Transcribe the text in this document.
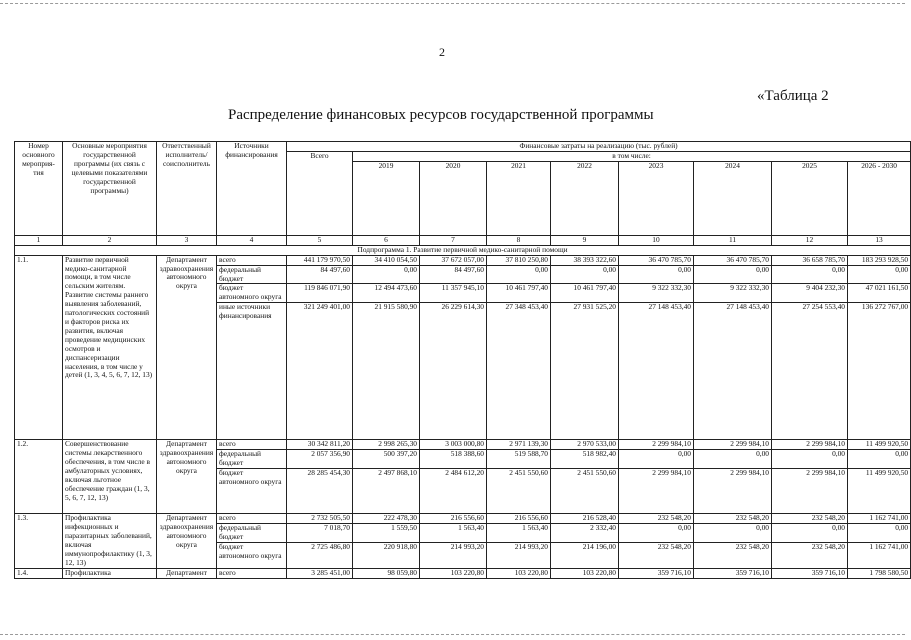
2
«Таблица 2
Распределение финансовых ресурсов государственной программы
Номер основного мероприя-тия	Основные мероприятия государственной программы (их связь с целевыми показателями государственной программы)	Ответственный исполнитель/ соисполнитель	Источники финансирования	Финансовые затраты на реализацию (тыс. рублей)								
				Всего	в том числе:							
					2019	2020	2021	2022	2023	2024	2025	2026 - 2030
1	2	3	4	5	6	7	8	9	10	11	12	13
Подпрограмма 1. Развитие первичной медико-санитарной помощи												
1.1.	Развитие первичной медико-санитарной помощи, в том числе сельским жителям. Развитие системы раннего выявления заболеваний, патологических состояний и факторов риска их развития, включая проведение медицинских осмотров и диспансеризации населения, в том числе у детей (1, 3, 4, 5, 6, 7, 12, 13)	Департамент здравоохранения автономного округа	всего	441 179 970,50	34 410 054,50	37 672 057,00	37 810 250,80	38 393 322,60	36 470 785,70	36 470 785,70	36 658 785,70	183 293 928,50
			федеральный бюджет	84 497,60	0,00	84 497,60	0,00	0,00	0,00	0,00	0,00	0,00
			бюджет автономного округа	119 846 071,90	12 494 473,60	11 357 945,10	10 461 797,40	10 461 797,40	9 322 332,30	9 322 332,30	9 404 232,30	47 021 161,50
			иные источники финансирования	321 249 401,00	21 915 580,90	26 229 614,30	27 348 453,40	27 931 525,20	27 148 453,40	27 148 453,40	27 254 553,40	136 272 767,00
1.2.	Совершенствование системы лекарственного обеспечения, в том числе в амбулаторных условиях, включая льготное обеспечение граждан (1, 3, 5, 6, 7, 12, 13)	Департамент здравоохранения автономного округа	всего	30 342 811,20	2 998 265,30	3 003 000,80	2 971 139,30	2 970 533,00	2 299 984,10	2 299 984,10	2 299 984,10	11 499 920,50
			федеральный бюджет	2 057 356,90	500 397,20	518 388,60	519 588,70	518 982,40	0,00	0,00	0,00	0,00
			бюджет автономного округа	28 285 454,30	2 497 868,10	2 484 612,20	2 451 550,60	2 451 550,60	2 299 984,10	2 299 984,10	2 299 984,10	11 499 920,50
1.3.	Профилактика инфекционных и паразитарных заболеваний, включая иммунопрофилактику (1, 3, 12, 13)	Департамент здравоохранения автономного округа	всего	2 732 505,50	222 478,30	216 556,60	216 556,60	216 528,40	232 548,20	232 548,20	232 548,20	1 162 741,00
			федеральный бюджет	7 018,70	1 559,50	1 563,40	1 563,40	2 332,40	0,00	0,00	0,00	0,00
			бюджет автономного округа	2 725 486,80	220 918,80	214 993,20	214 993,20	214 196,00	232 548,20	232 548,20	232 548,20	1 162 741,00
1.4.	Профилактика	Департамент	всего	3 285 451,00	98 059,80	103 220,80	103 220,80	103 220,80	359 716,10	359 716,10	359 716,10	1 798 580,50
